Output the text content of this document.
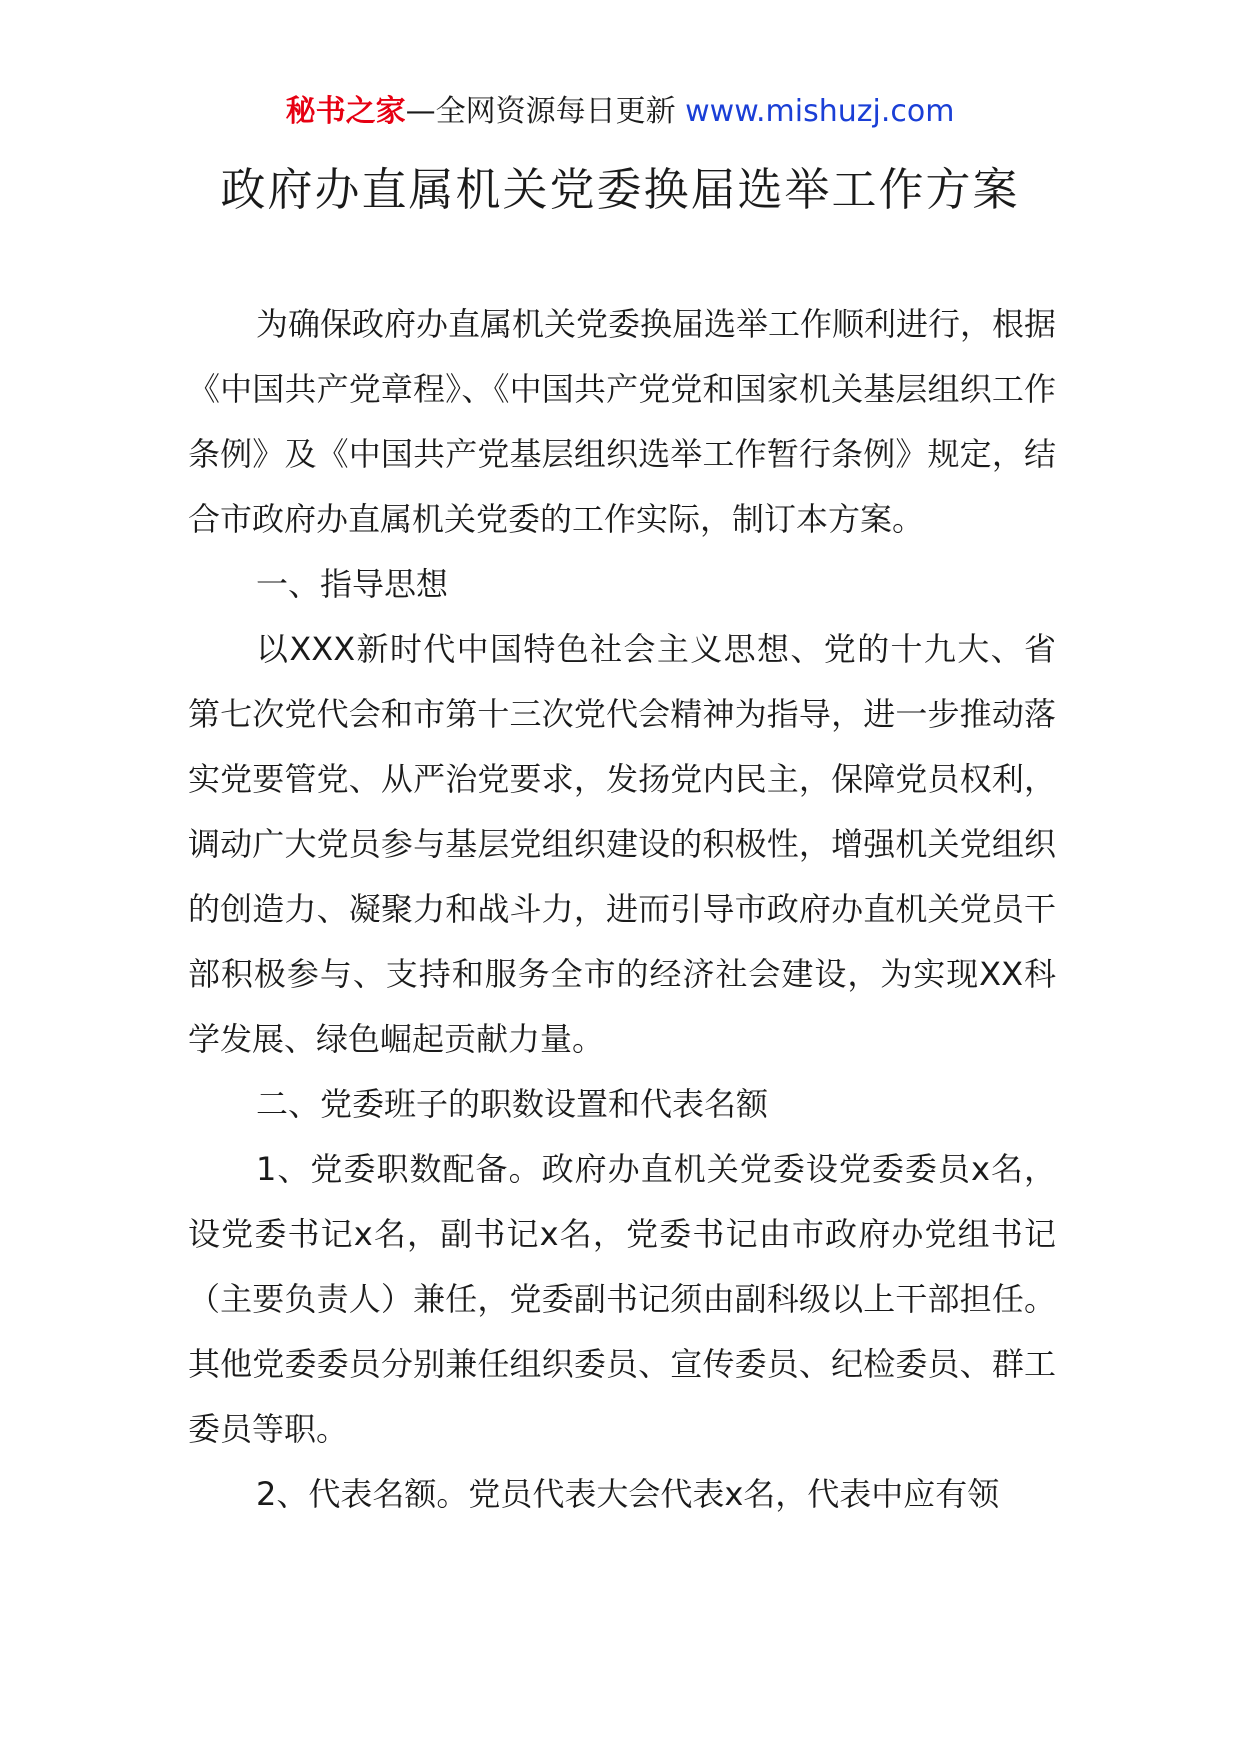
秘书之家—全网资源每日更新 www.mishuzj.com
政府办直属机关党委换届选举工作方案

为确保政府办直属机关党委换届选举工作顺利进行，根据《中国共产党章程》、《中国共产党党和国家机关基层组织工作条例》及《中国共产党基层组织选举工作暂行条例》规定，结合市政府办直属机关党委的工作实际，制订本方案。

一、指导思想

以XXX新时代中国特色社会主义思想、党的十九大、省第七次党代会和市第十三次党代会精神为指导，进一步推动落实党要管党、从严治党要求，发扬党内民主，保障党员权利，调动广大党员参与基层党组织建设的积极性，增强机关党组织的创造力、凝聚力和战斗力，进而引导市政府办直机关党员干部积极参与、支持和服务全市的经济社会建设，为实现XX科学发展、绿色崛起贡献力量。

二、党委班子的职数设置和代表名额

1、党委职数配备。政府办直机关党委设党委委员x名，设党委书记x名，副书记x名，党委书记由市政府办党组书记（主要负责人）兼任，党委副书记须由副科级以上干部担任。其他党委委员分别兼任组织委员、宣传委员、纪检委员、群工委员等职。

2、代表名额。党员代表大会代表x名，代表中应有领
